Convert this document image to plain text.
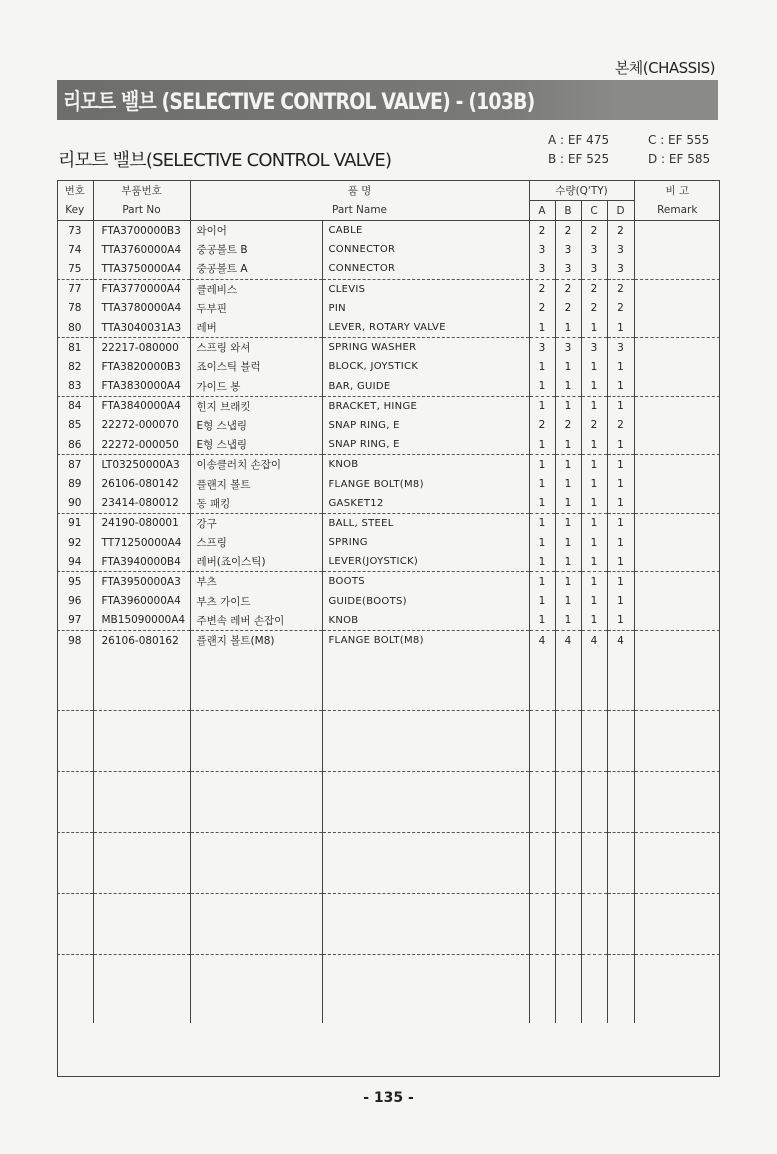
본체(CHASSIS)
리모트 밸브 (SELECTIVE CONTROL VALVE) - (103B)
리모트 밸브(SELECTIVE CONTROL VALVE)
A : EF 475
B : EF 525
C : EF 555
D : EF 585
번호	부품번호	품 명		수량(Q'TY)				비 고
Key	Part No	Part Name		A	B	C	D	Remark
73	FTA3700000B3	와이어	CABLE	2	2	2	2	
74	TTA3760000A4	중공볼트 B	CONNECTOR	3	3	3	3	
75	TTA3750000A4	중공볼트 A	CONNECTOR	3	3	3	3	
77	FTA3770000A4	클레비스	CLEVIS	2	2	2	2	
78	TTA3780000A4	두부핀	PIN	2	2	2	2	
80	TTA3040031A3	레버	LEVER, ROTARY VALVE	1	1	1	1	
81	22217-080000	스프링 와셔	SPRING WASHER	3	3	3	3	
82	FTA3820000B3	죠이스틱 블럭	BLOCK, JOYSTICK	1	1	1	1	
83	FTA3830000A4	가이드 봉	BAR, GUIDE	1	1	1	1	
84	FTA3840000A4	힌지 브래킷	BRACKET, HINGE	1	1	1	1	
85	22272-000070	E형 스냅링	SNAP RING, E	2	2	2	2	
86	22272-000050	E형 스냅링	SNAP RING, E	1	1	1	1	
87	LT03250000A3	이송클러치 손잡이	KNOB	1	1	1	1	
89	26106-080142	플랜지 볼트	FLANGE BOLT(M8)	1	1	1	1	
90	23414-080012	동 패킹	GASKET12	1	1	1	1	
91	24190-080001	강구	BALL, STEEL	1	1	1	1	
92	TT71250000A4	스프링	SPRING	1	1	1	1	
94	FTA3940000B4	레버(죠이스틱)	LEVER(JOYSTICK)	1	1	1	1	
95	FTA3950000A3	부츠	BOOTS	1	1	1	1	
96	FTA3960000A4	부츠 가이드	GUIDE(BOOTS)	1	1	1	1	
97	MB15090000A4	주변속 레버 손잡이	KNOB	1	1	1	1	
98	26106-080162	플랜지 볼트(M8)	FLANGE BOLT(M8)	4	4	4	4	

- 135 -
